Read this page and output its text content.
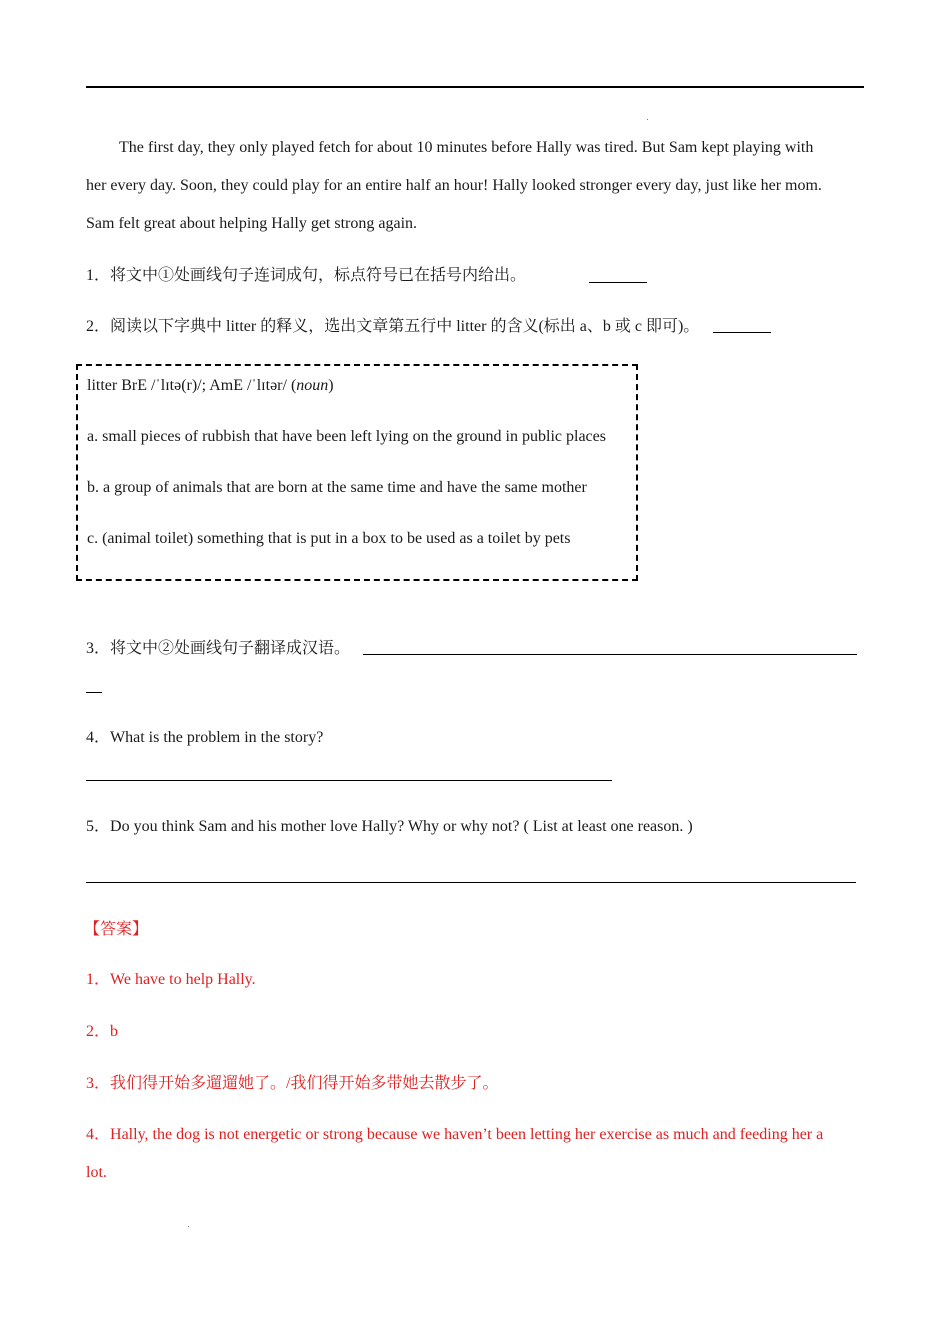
The first day, they only played fetch for about 10 minutes before Hally was tired. But Sam kept playing with
her every day. Soon, they could play for an entire half an hour! Hally looked stronger every day, just like her mom.
Sam felt great about helping Hally get strong again.
1．将文中①处画线句子连词成句，标点符号已在括号内给出。
2．阅读以下字典中 litter 的释义，选出文章第五行中 litter 的含义(标出 a、b 或 c 即可)。
litter BrE /ˈlɪtə(r)/; AmE /ˈlɪtər/ (noun)
a. small pieces of rubbish that have been left lying on the ground in public places
b. a group of animals that are born at the same time and have the same mother
c. (animal toilet) something that is put in a box to be used as a toilet by pets
3．将文中②处画线句子翻译成汉语。
4．What is the problem in the story?
5．Do you think Sam and his mother love Hally? Why or why not? ( List at least one reason. )
【答案】
1．We have to help Hally.
2．b
3．我们得开始多遛遛她了。/我们得开始多带她去散步了。
4．Hally, the dog is not energetic or strong because we haven’t been letting her exercise as much and feeding her a
lot.
